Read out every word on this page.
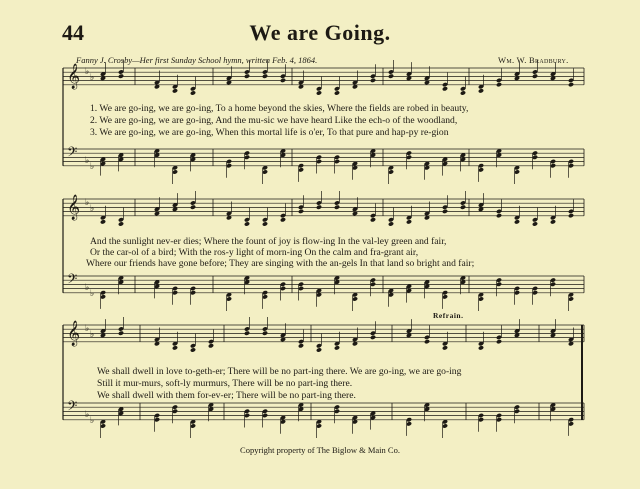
44	We are Going.
Fanny J. Crosby—Her first Sunday School hymn, written Feb. 4, 1864.	Wm. W. Bradbury.
𝄞 ♭
♭
𝄢 ♭
♭
𝄞 ♭
♭
𝄢 ♭
♭
𝄞 ♭
♭
𝄢 ♭
♭
1. We are go-ing, we are go-ing, To a home beyond the skies, Where the fields are robed in beauty,
2. We are go-ing, we are go-ing, And the mu-sic we have heard Like the ech-o of the woodland,
3. We are go-ing, we are go-ing, When this mortal life is o'er, To that pure and hap-py re-gion
And the sunlight nev-er dies; Where the fount of joy is flow-ing In the val-ley green and fair,
Or the car-ol of a bird; With the ros-y light of morn-ing On the calm and fra-grant air,
Where our friends have gone before; They are singing with the an-gels In that land so bright and fair;
Refrain.
We shall dwell in love to-geth-er; There will be no part-ing there. We are go-ing, we are go-ing
Still it mur-murs, soft-ly murmurs, There will be no part-ing there.
We shall dwell with them for-ev-er; There will be no part-ing there.
Copyright property of The Biglow & Main Co.
